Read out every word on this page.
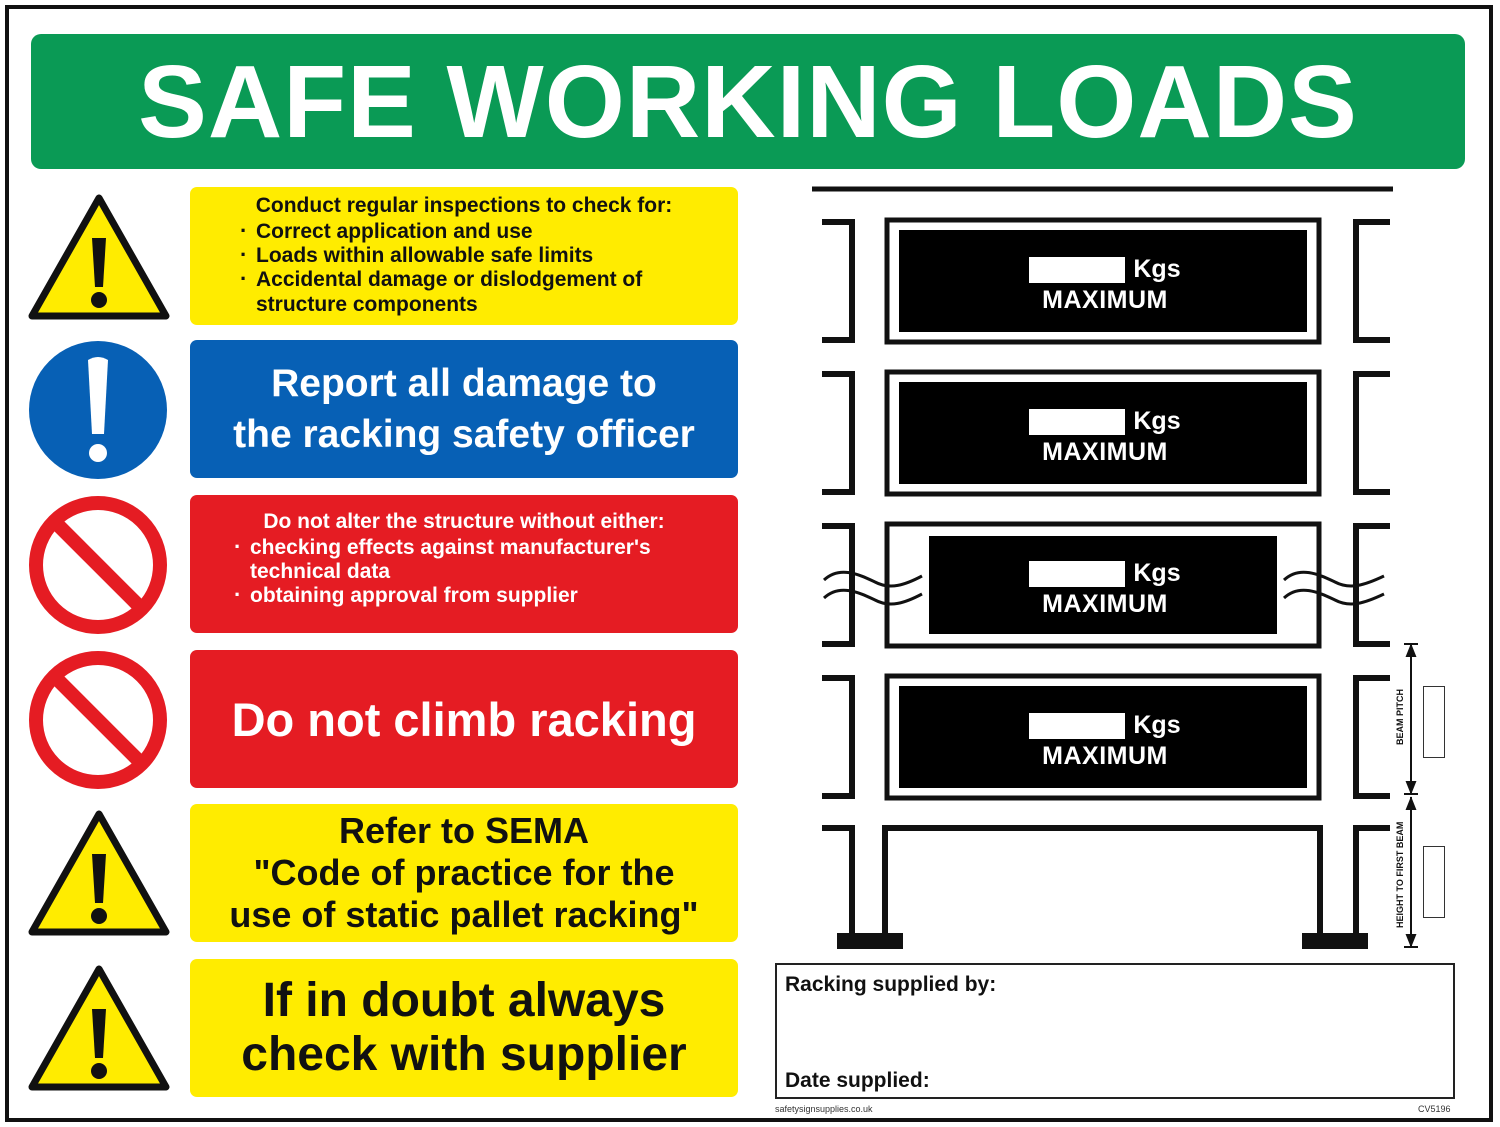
SAFE WORKING LOADS
Conduct regular inspections to check for:
· Correct application and use
· Loads within allowable safe limits
· Accidental damage or dislodgement of structure components
Report all damage to
the racking safety officer
Do not alter the structure without either:
· checking effects against manufacturer's technical data
· obtaining approval from supplier
Do not climb racking
Refer to SEMA
"Code of practice for the
use of static pallet racking"
If in doubt always
check with supplier
Kgs
MAXIMUM
Kgs
MAXIMUM
Kgs
MAXIMUM
Kgs
MAXIMUM
BEAM PITCH
HEIGHT TO FIRST BEAM
Racking supplied by:
Date supplied:
safetysignsupplies.co.uk	CV5196
